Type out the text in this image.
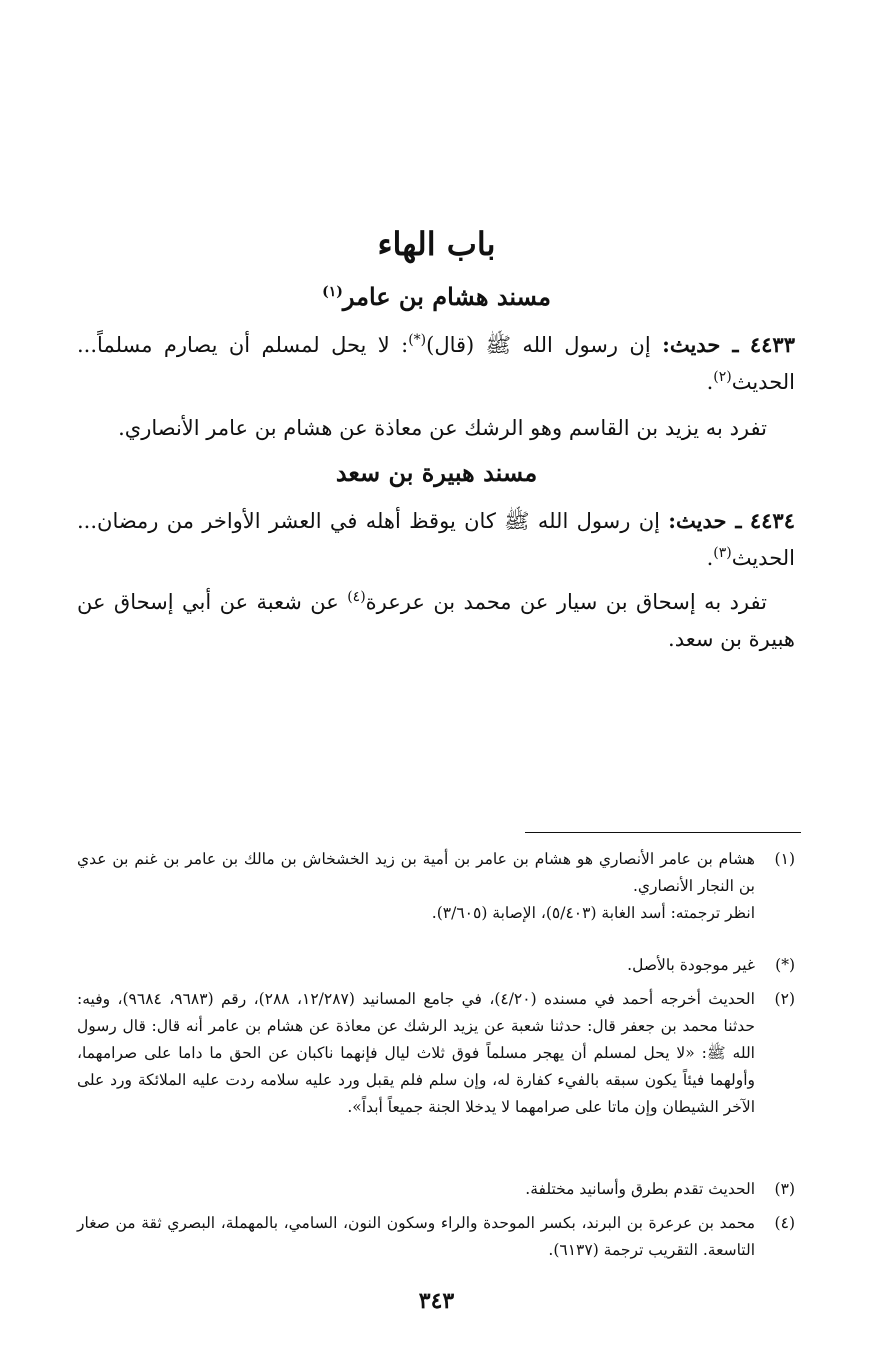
باب الهاء
مسند هشام بن عامر$^{(١)}$
٤٤٣٣ ـ حديث: إن رسول الله ﷺ (قال)(*): لا يحل لمسلم أن يصارم مسلماً... الحديث$^{(٢)}$.
تفرد به يزيد بن القاسم وهو الرشك عن معاذة عن هشام بن عامر الأنصاري.
مسند هبيرة بن سعد
٤٤٣٤ ـ حديث: إن رسول الله ﷺ كان يوقظ أهله في العشر الأواخر من رمضان... الحديث$^{(٣)}$.
تفرد به إسحاق بن سيار عن محمد بن عرعرة$^{(٤)}$ عن شعبة عن أبي إسحاق عن هبيرة بن سعد.
(١)
هشام بن عامر الأنصاري هو هشام بن عامر بن أمية بن زيد الخشخاش بن مالك بن عامر بن غنم بن عدي بن النجار الأنصاري.
انظر ترجمته: أسد الغابة (٥/٤٠٣)، الإصابة (٣/٦٠٥).
(*)
غير موجودة بالأصل.
(٢)
الحديث أخرجه أحمد في مسنده (٤/٢٠)، في جامع المسانيد (١٢/٢٨٧، ٢٨٨)، رقم (٩٦٨٣، ٩٦٨٤)، وفيه: حدثنا محمد بن جعفر قال: حدثنا شعبة عن يزيد الرشك عن معاذة عن هشام بن عامر أنه قال: قال رسول الله ﷺ: «لا يحل لمسلم أن يهجر مسلماً فوق ثلاث ليال فإنهما ناكبان عن الحق ما داما على صرامهما، وأولهما فيئاً يكون سبقه بالفيء كفارة له، وإن سلم فلم يقبل ورد عليه سلامه ردت عليه الملائكة ورد على الآخر الشيطان وإن ماتا على صرامهما لا يدخلا الجنة جميعاً أبداً».
(٣)
الحديث تقدم بطرق وأسانيد مختلفة.
(٤)
محمد بن عرعرة بن البرند، بكسر الموحدة والراء وسكون النون، السامي، بالمهملة، البصري ثقة من صغار التاسعة. التقريب ترجمة (٦١٣٧).
٣٤٣
